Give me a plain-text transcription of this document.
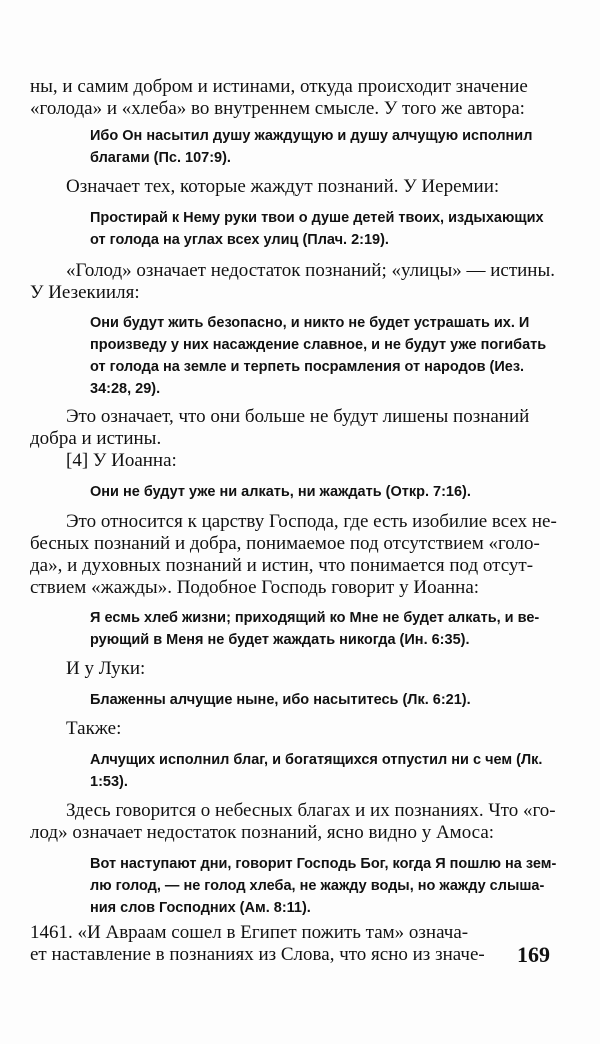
ны, и самим добром и истинами, откуда происходит значение
«голода» и «хлеба» во внутреннем смысле. У того же автора:
Ибо Он насытил душу жаждущую и душу алчущую исполнил
благами (Пс. 107:9).
Означает тех, которые жаждут познаний. У Иеремии:
Простирай к Нему руки твои о душе детей твоих, издыхающих
от голода на углах всех улиц (Плач. 2:19).
«Голод» означает недостаток познаний; «улицы» — истины.
У Иезекииля:
Они будут жить безопасно, и никто не будет устрашать их. И
произведу у них насаждение славное, и не будут уже погибать
от голода на земле и терпеть посрамления от народов (Иез.
34:28, 29).
Это означает, что они больше не будут лишены познаний
добра и истины.
[4] У Иоанна:
Они не будут уже ни алкать, ни жаждать (Откр. 7:16).
Это относится к царству Господа, где есть изобилие всех не-
бесных познаний и добра, понимаемое под отсутствием «голо-
да», и духовных познаний и истин, что понимается под отсут-
ствием «жажды». Подобное Господь говорит у Иоанна:
Я есмь хлеб жизни; приходящий ко Мне не будет алкать, и ве-
рующий в Меня не будет жаждать никогда (Ин. 6:35).
И у Луки:
Блаженны алчущие ныне, ибо насытитесь (Лк. 6:21).
Также:
Алчущих исполнил благ, и богатящихся отпустил ни с чем (Лк.
1:53).
Здесь говорится о небесных благах и их познаниях. Что «го-
лод» означает недостаток познаний, ясно видно у Амоса:
Вот наступают дни, говорит Господь Бог, когда Я пошлю на зем-
лю голод, — не голод хлеба, не жажду воды, но жажду слыша-
ния слов Господних (Ам. 8:11).
1461. «И Авраам сошел в Египет пожить там» означа-
ет наставление в познаниях из Слова, что ясно из значе- 169
